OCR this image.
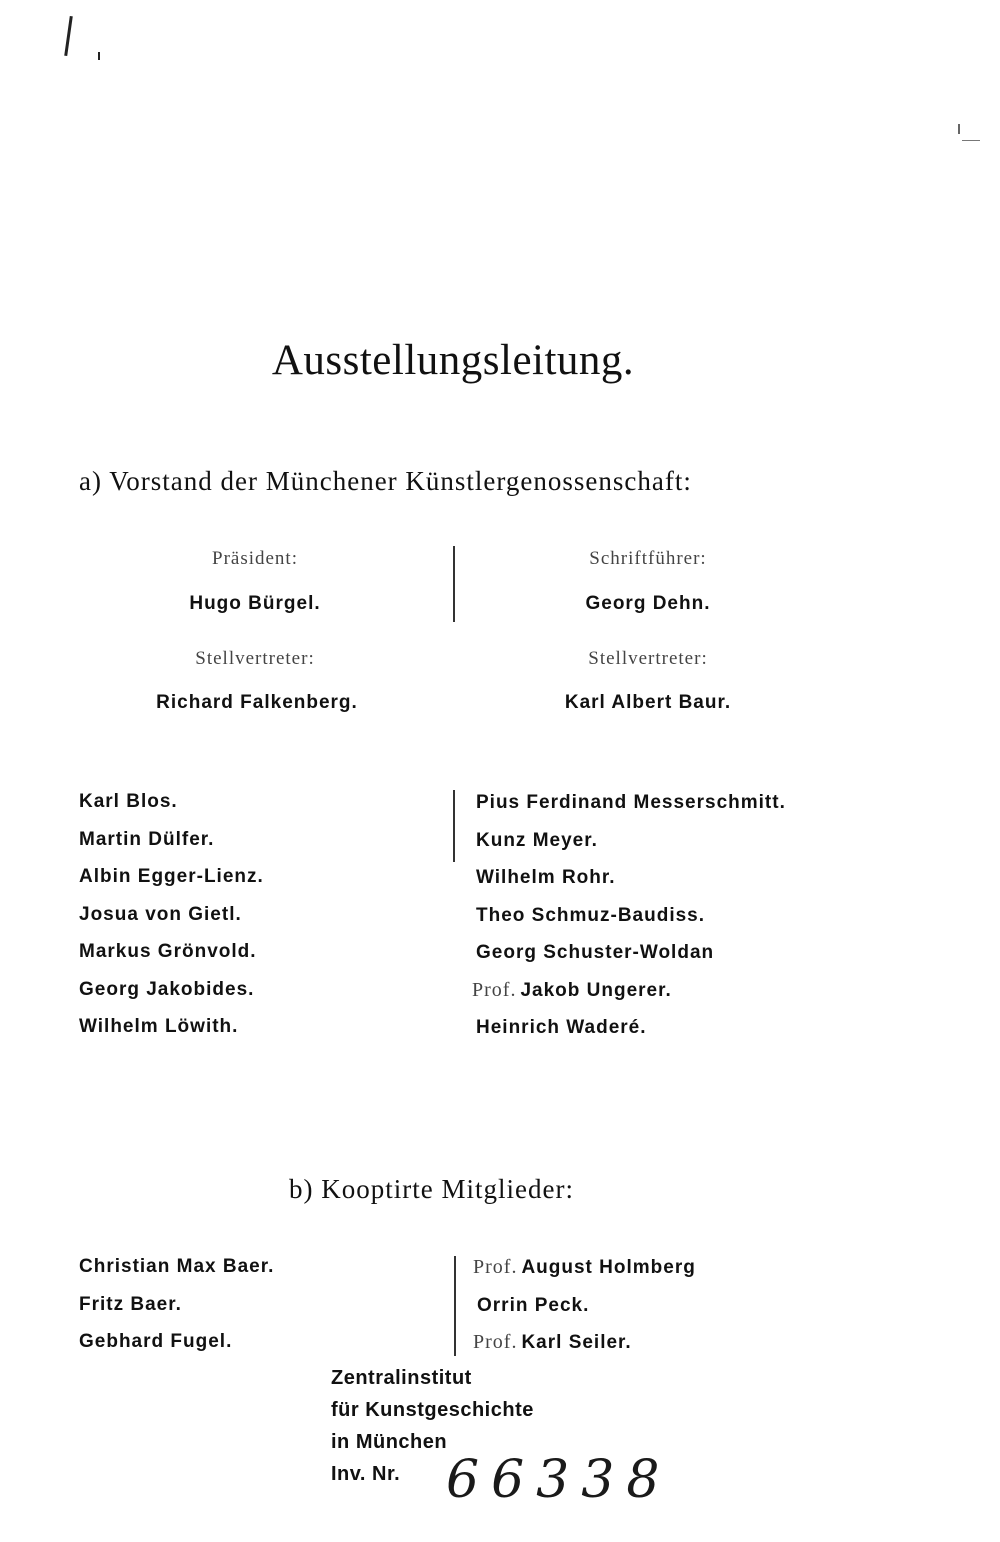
Ausstellungsleitung.
a) Vorstand der Münchener Künstlergenossenschaft:
Präsident:
Hugo Bürgel.
Schriftführer:
Georg Dehn.
Stellvertreter:
Richard Falkenberg.
Stellvertreter:
Karl Albert Baur.
Karl Blos.
Martin Dülfer.
Albin Egger-Lienz.
Josua von Gietl.
Markus Grönvold.
Georg Jakobides.
Wilhelm Löwith.
Pius Ferdinand Messerschmitt.
Kunz Meyer.
Wilhelm Rohr.
Theo Schmuz-Baudiss.
Georg Schuster-Woldan
Prof. Jakob Ungerer.
Heinrich Waderé.
b) Kooptirte Mitglieder:
Christian Max Baer.
Fritz Baer.
Gebhard Fugel.
Prof. August Holmberg
Orrin Peck.
Prof. Karl Seiler.
Zentralinstitut
für Kunstgeschichte
in München
Inv. Nr. 66338
